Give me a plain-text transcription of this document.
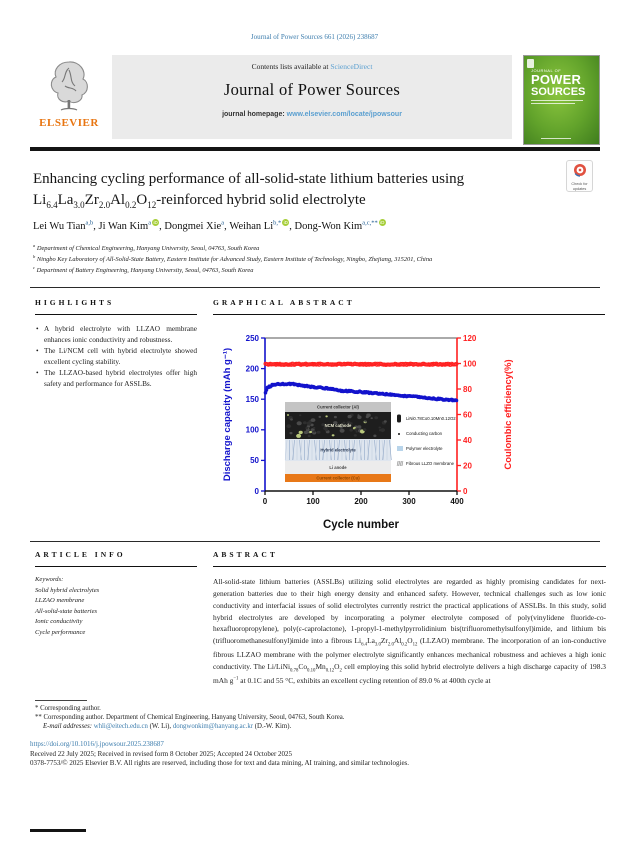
Journal of Power Sources 661 (2026) 238687
ELSEVIER
Contents lists available at ScienceDirect
Journal of Power Sources
journal homepage: www.elsevier.com/locate/jpowsour
JOURNAL OF
POWER
SOURCES
Enhancing cycling performance of all-solid-state lithium batteries using $Li_{6.4}La_{3.0}Zr_{2.0}Al_{0.2}O_{12}$-reinforced hybrid solid electrolyte
Check for
updates
Lei Wu Tian$^{a,b}$ , Ji Wan Kim$^a$ iD , Dongmei Xie$^a$ , Weihan $Li^{b,*}$ iD , Dong-Won Kim$^{a,c,**}$ iD
$^a$ Department of Chemical Engineering, Hanyang University, Seoul, 04763, South Korea
$^b$ Ningbo Key Laboratory of All-Solid-State Battery, Eastern Institute for Advanced Study, Eastern Institute of Technology, Ningbo, Zhejiang, 315201, China
$^c$ Department of Battery Engineering, Hanyang University, Seoul, 04763, South Korea
HIGHLIGHTS
• A hybrid electrolyte with LLZAO membrane enhances ionic conductivity and robustness.
• The Li/NCM cell with hybrid electrolyte showed excellent cycling stability.
• The LLZAO-based hybrid electrolytes offer high safety and performance for ASSLBs.
GRAPHICAL ABSTRACT
0
50
100
150
200
250
0
20
40
60
80
100
120
0	100	200	300	400
Discharge capacity (mAh g⁻¹)	Coulombic efficiency(%)
Cycle number
Current collector (Al)
NCM cathode
Hybrid electrolyte
Li anode
Current collector (Cu)
LiNi0.78Co0.10Mn0.12O2
Conducting carbon
Polymer electrolyte
Fibrous LLZO membrane
ARTICLE INFO
Keywords:
Solid hybrid electrolytes
LLZAO membrane
All-solid-state batteries
Ionic conductivity
Cycle performance
ABSTRACT
All-solid-state lithium batteries (ASSLBs) utilizing solid electrolytes are regarded as highly promising candidates for next-generation batteries due to their high energy density and enhanced safety. However, technical challenges such as low ionic conductivity and interfacial issues of solid electrolytes currently restrict the practical applications of ASSLBs. In this study, solid hybrid electrolytes are developed by incorporating a polymer electrolyte composed of poly(vinylidene fluoride-co-hexafluoropropylene), poly(ε-caprolactone), 1-propyl-1-methylpyrrolidinium bis(trifluoromethylsulfonyl)imide, and lithium bis (trifluoromethanesulfonyl)imide into a fibrous $Li_{6.4}La_{3.0}Zr_{2.0}Al_{0.2}O_{12}$ (LLZAO) membrane. The incorporation of an ion-conductive fibrous LLZAO membrane with the polymer electrolyte significantly enhances mechanical robustness and achieves a high ionic conductivity. The $Li/LiNi_{0.78}Co_{0.10}Mn_{0.12}O_2$ cell employing this solid hybrid electrolyte delivers a high discharge capacity of 198.3 mAh $g^{-1}$ at 0.1C and 55 °C, exhibits an excellent cycling retention of 89.0 % at 400th cycle at
* Corresponding author.
** Corresponding author. Department of Chemical Engineering, Hanyang University, Seoul, 04763, South Korea.
E-mail addresses: whli@eitech.edu.cn (W. Li), dongwonkim@hanyang.ac.kr (D.-W. Kim).
https://doi.org/10.1016/j.jpowsour.2025.238687
Received 22 July 2025; Received in revised form 8 October 2025; Accepted 24 October 2025
0378-7753/© 2025 Elsevier B.V. All rights are reserved, including those for text and data mining, AI training, and similar technologies.
